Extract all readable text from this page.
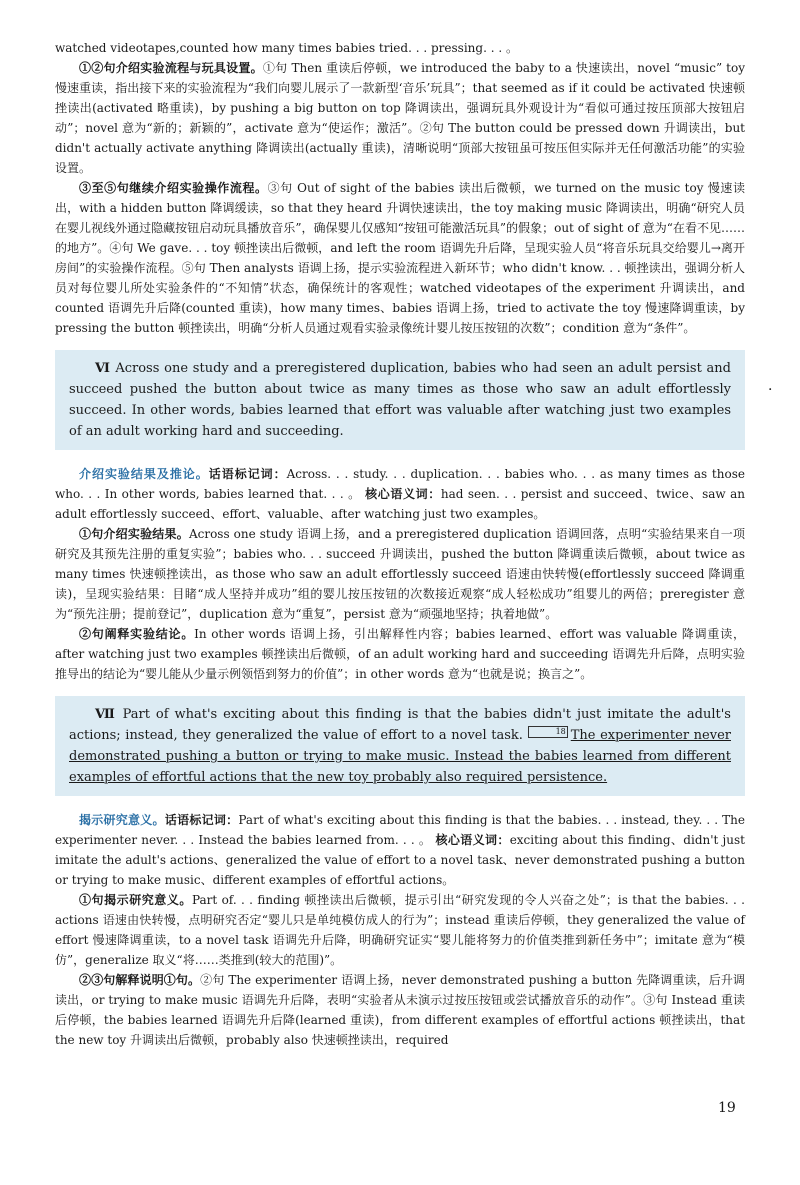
watched videotapes,counted how many times babies tried. . . pressing. . . 。

①②句介绍实验流程与玩具设置。①句 Then 重读后停顿，we introduced the baby to a 快速读出，novel “music” toy 慢速重读，指出接下来的实验流程为“我们向婴儿展示了一款新型‘音乐’玩具”；that seemed as if it could be activated 快速顿挫读出(activated 略重读)，by pushing a big button on top 降调读出，强调玩具外观设计为“看似可通过按压顶部大按钮启动”；novel 意为“新的；新颖的”，activate 意为“使运作；激活”。②句 The button could be pressed down 升调读出，but didn't actually activate anything 降调读出(actually 重读)，清晰说明“顶部大按钮虽可按压但实际并无任何激活功能”的实验设置。

③至⑤句继续介绍实验操作流程。③句 Out of sight of the babies 读出后微顿，we turned on the music toy 慢速读出，with a hidden button 降调缓读，so that they heard 升调快速读出，the toy making music 降调读出，明确“研究人员在婴儿视线外通过隐藏按钮启动玩具播放音乐”，确保婴儿仅感知“按钮可能激活玩具”的假象；out of sight of 意为“在看不见……的地方”。④句 We gave. . . toy 顿挫读出后微顿，and left the room 语调先升后降，呈现实验人员“将音乐玩具交给婴儿→离开房间”的实验操作流程。⑤句 Then analysts 语调上扬，提示实验流程进入新环节；who didn't know. . . 顿挫读出，强调分析人员对每位婴儿所处实验条件的“不知情”状态，确保统计的客观性；watched videotapes of the experiment 升调读出，and counted 语调先升后降(counted 重读)，how many times、babies 语调上扬，tried to activate the toy 慢速降调重读，by pressing the button 顿挫读出，明确“分析人员通过观看实验录像统计婴儿按压按钮的次数”；condition 意为“条件”。

Ⅵ Across one study and a preregistered duplication, babies who had seen an adult persist and succeed pushed the button about twice as many times as those who saw an adult effortlessly succeed. In other words, babies learned that effort was valuable after watching just two examples of an adult working hard and succeeding.

介绍实验结果及推论。话语标记词：Across. . . study. . . duplication. . . babies who. . . as many times as those who. . . In other words, babies learned that. . . 。 核心语义词：had seen. . . persist and succeed、twice、saw an adult effortlessly succeed、effort、valuable、after watching just two examples。

①句介绍实验结果。Across one study 语调上扬，and a preregistered duplication 语调回落，点明“实验结果来自一项研究及其预先注册的重复实验”；babies who. . . succeed 升调读出，pushed the button 降调重读后微顿，about twice as many times 快速顿挫读出，as those who saw an adult effortlessly succeed 语速由快转慢(effortlessly succeed 降调重读)，呈现实验结果：目睹“成人坚持并成功”组的婴儿按压按钮的次数接近观察“成人轻松成功”组婴儿的两倍；preregister 意为“预先注册；提前登记”，duplication 意为“重复”，persist 意为“顽强地坚持；执着地做”。

②句阐释实验结论。In other words 语调上扬，引出解释性内容；babies learned、effort was valuable 降调重读，after watching just two examples 顿挫读出后微顿，of an adult working hard and succeeding 语调先升后降，点明实验推导出的结论为“婴儿能从少量示例领悟到努力的价值”；in other words 意为“也就是说；换言之”。

Ⅶ Part of what's exciting about this finding is that the babies didn't just imitate the adult's actions; instead, they generalized the value of effort to a novel task.	18 The experimenter never demonstrated pushing a button or trying to make music. Instead the babies learned from different examples of effortful actions that the new toy probably also required persistence.

揭示研究意义。话语标记词：Part of what's exciting about this finding is that the babies. . . instead, they. . . The experimenter never. . . Instead the babies learned from. . . 。 核心语义词：exciting about this finding、didn't just imitate the adult's actions、generalized the value of effort to a novel task、never demonstrated pushing a button or trying to make music、different examples of effortful actions。

①句揭示研究意义。Part of. . . finding 顿挫读出后微顿，提示引出“研究发现的令人兴奋之处”；is that the babies. . . actions 语速由快转慢，点明研究否定“婴儿只是单纯模仿成人的行为”；instead 重读后停顿，they generalized the value of effort 慢速降调重读，to a novel task 语调先升后降，明确研究证实“婴儿能将努力的价值类推到新任务中”；imitate 意为“模仿”，generalize 取义“将……类推到(较大的范围)”。

②③句解释说明①句。②句 The experimenter 语调上扬，never demonstrated pushing a button 先降调重读，后升调读出，or trying to make music 语调先升后降，表明“实验者从未演示过按压按钮或尝试播放音乐的动作”。③句 Instead 重读后停顿，the babies learned 语调先升后降(learned 重读)，from different examples of effortful actions 顿挫读出，that the new toy 升调读出后微顿，probably also 快速顿挫读出，required

·
19
